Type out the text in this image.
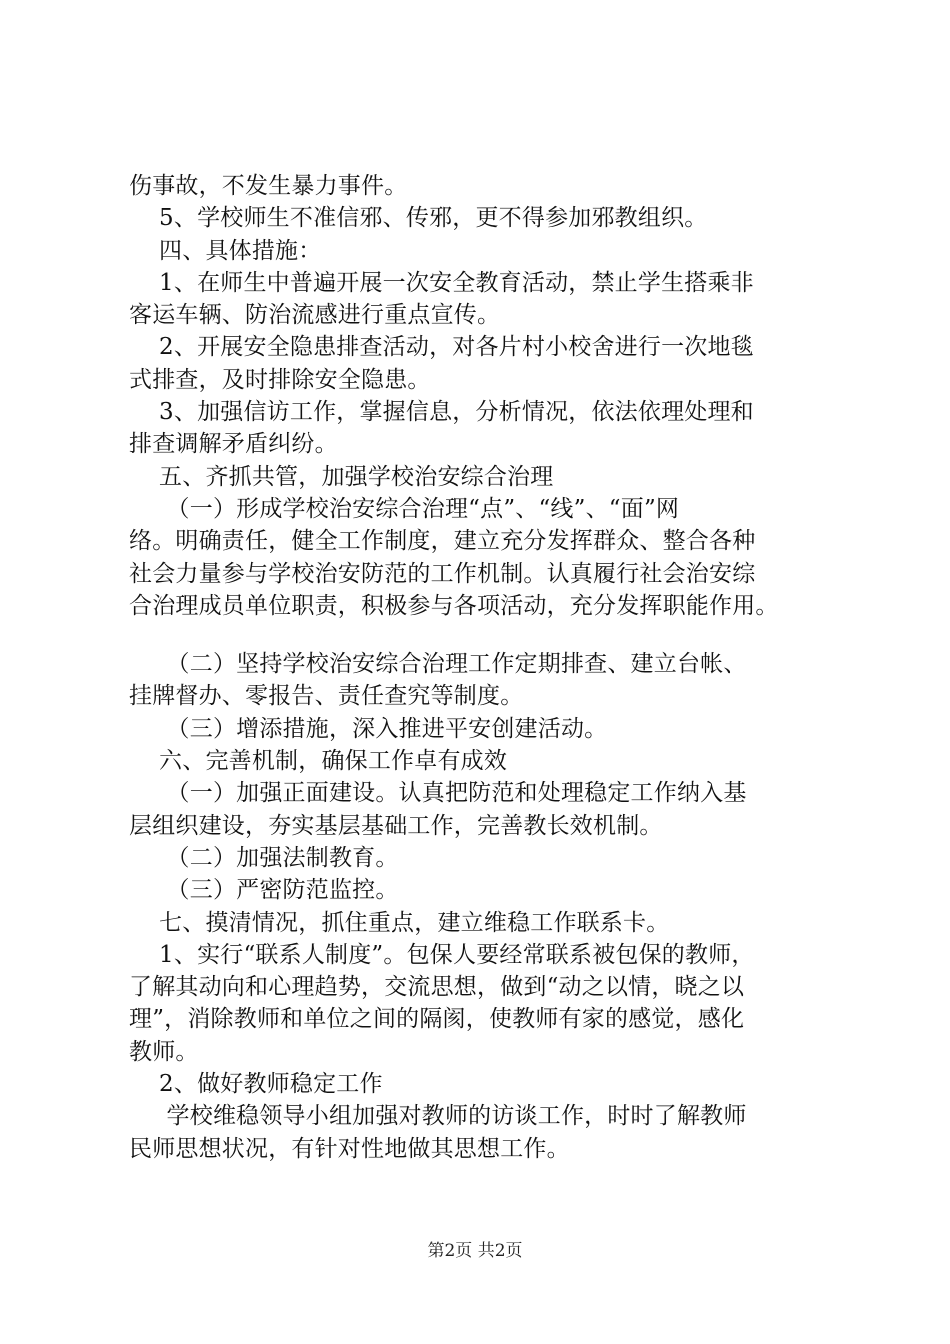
伤事故，不发生暴力事件。
5、学校师生不准信邪、传邪，更不得参加邪教组织。
四、具体措施：
1、在师生中普遍开展一次安全教育活动，禁止学生搭乘非
客运车辆、防治流感进行重点宣传。
2、开展安全隐患排查活动，对各片村小校舍进行一次地毯
式排查，及时排除安全隐患。
3、加强信访工作，掌握信息，分析情况，依法依理处理和
排查调解矛盾纠纷。
五、齐抓共管，加强学校治安综合治理
（一）形成学校治安综合治理“点”、“线”、“面”网
络。明确责任，健全工作制度，建立充分发挥群众、整合各种
社会力量参与学校治安防范的工作机制。认真履行社会治安综
合治理成员单位职责，积极参与各项活动，充分发挥职能作用。
（二）坚持学校治安综合治理工作定期排查、建立台帐、
挂牌督办、零报告、责任查究等制度。
（三）增添措施，深入推进平安创建活动。
六、完善机制，确保工作卓有成效
（一）加强正面建设。认真把防范和处理稳定工作纳入基
层组织建设，夯实基层基础工作，完善教长效机制。
（二）加强法制教育。
（三）严密防范监控。
七、摸清情况，抓住重点，建立维稳工作联系卡。
1、实行“联系人制度”。包保人要经常联系被包保的教师，
了解其动向和心理趋势，交流思想，做到“动之以情，晓之以
理”，消除教师和单位之间的隔阂，使教师有家的感觉，感化
教师。
2、做好教师稳定工作
学校维稳领导小组加强对教师的访谈工作，时时了解教师
民师思想状况，有针对性地做其思想工作。
第2页 共2页
